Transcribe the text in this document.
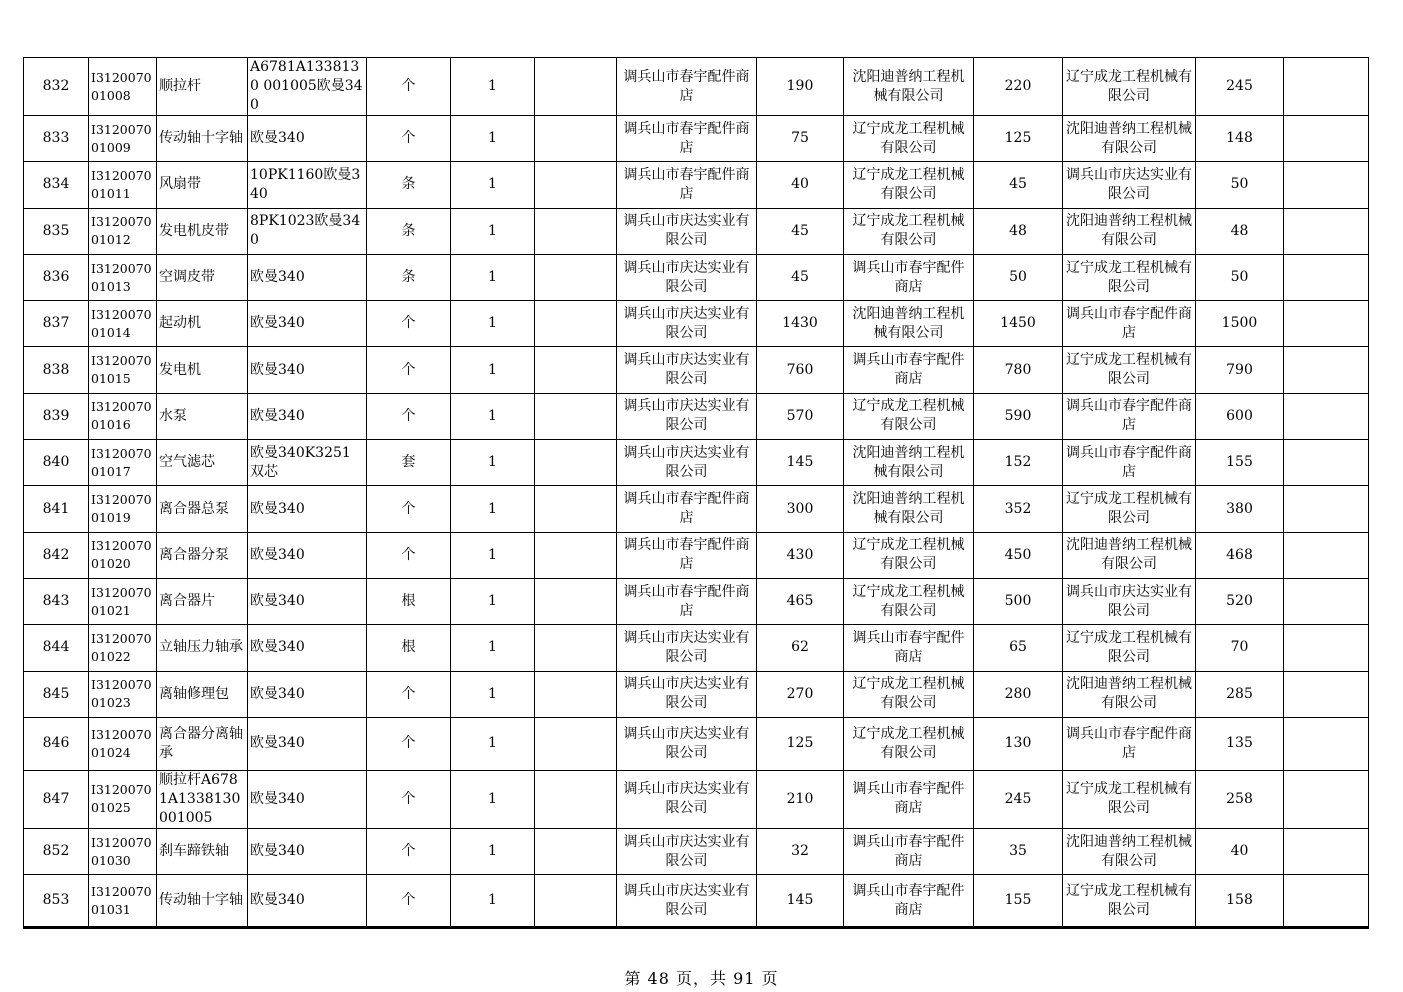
832	I3120070 01008	顺拉杆	A6781A1338130 001005欧曼340	个	1		调兵山市春宇配件商店	190	沈阳迪普纳工程机械有限公司	220	辽宁成龙工程机械有限公司	245	
833	I3120070 01009	传动轴十字轴	欧曼340	个	1		调兵山市春宇配件商店	75	辽宁成龙工程机械有限公司	125	沈阳迪普纳工程机械有限公司	148	
834	I3120070 01011	风扇带	10PK1160欧曼340	条	1		调兵山市春宇配件商店	40	辽宁成龙工程机械有限公司	45	调兵山市庆达实业有限公司	50	
835	I3120070 01012	发电机皮带	8PK1023欧曼340	条	1		调兵山市庆达实业有限公司	45	辽宁成龙工程机械有限公司	48	沈阳迪普纳工程机械有限公司	48	
836	I3120070 01013	空调皮带	欧曼340	条	1		调兵山市庆达实业有限公司	45	调兵山市春宇配件商店	50	辽宁成龙工程机械有限公司	50	
837	I3120070 01014	起动机	欧曼340	个	1		调兵山市庆达实业有限公司	1430	沈阳迪普纳工程机械有限公司	1450	调兵山市春宇配件商店	1500	
838	I3120070 01015	发电机	欧曼340	个	1		调兵山市庆达实业有限公司	760	调兵山市春宇配件商店	780	辽宁成龙工程机械有限公司	790	
839	I3120070 01016	水泵	欧曼340	个	1		调兵山市庆达实业有限公司	570	辽宁成龙工程机械有限公司	590	调兵山市春宇配件商店	600	
840	I3120070 01017	空气滤芯	欧曼340K3251双芯	套	1		调兵山市庆达实业有限公司	145	沈阳迪普纳工程机械有限公司	152	调兵山市春宇配件商店	155	
841	I3120070 01019	离合器总泵	欧曼340	个	1		调兵山市春宇配件商店	300	沈阳迪普纳工程机械有限公司	352	辽宁成龙工程机械有限公司	380	
842	I3120070 01020	离合器分泵	欧曼340	个	1		调兵山市春宇配件商店	430	辽宁成龙工程机械有限公司	450	沈阳迪普纳工程机械有限公司	468	
843	I3120070 01021	离合器片	欧曼340	根	1		调兵山市春宇配件商店	465	辽宁成龙工程机械有限公司	500	调兵山市庆达实业有限公司	520	
844	I3120070 01022	立轴压力轴承	欧曼340	根	1		调兵山市庆达实业有限公司	62	调兵山市春宇配件商店	65	辽宁成龙工程机械有限公司	70	
845	I3120070 01023	离轴修理包	欧曼340	个	1		调兵山市庆达实业有限公司	270	辽宁成龙工程机械有限公司	280	沈阳迪普纳工程机械有限公司	285	
846	I3120070 01024	离合器分离轴承	欧曼340	个	1		调兵山市庆达实业有限公司	125	辽宁成龙工程机械有限公司	130	调兵山市春宇配件商店	135	
847	I3120070 01025	顺拉杆A6781A1338130001005	欧曼340	个	1		调兵山市庆达实业有限公司	210	调兵山市春宇配件商店	245	辽宁成龙工程机械有限公司	258	
852	I3120070 01030	刹车蹄铁轴	欧曼340	个	1		调兵山市庆达实业有限公司	32	调兵山市春宇配件商店	35	沈阳迪普纳工程机械有限公司	40	
853	I3120070 01031	传动轴十字轴	欧曼340	个	1		调兵山市庆达实业有限公司	145	调兵山市春宇配件商店	155	辽宁成龙工程机械有限公司	158	
第 48 页，共 91 页
